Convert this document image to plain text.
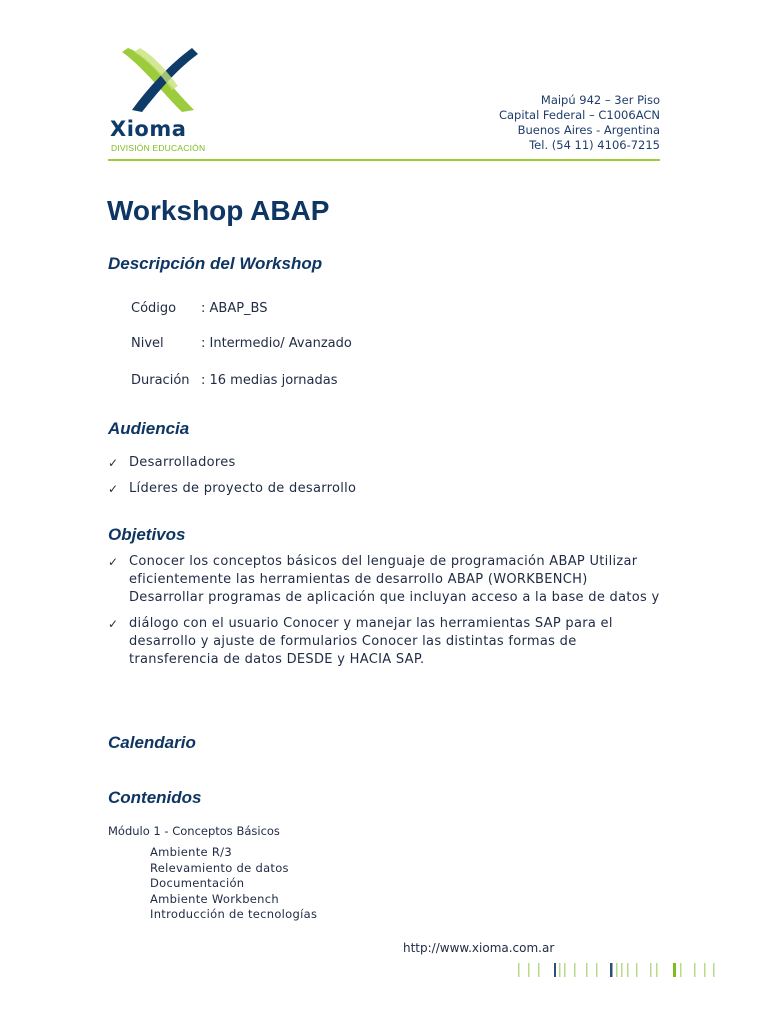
Xioma
DIVISIÓN EDUCACIÓN
Maipú 942 – 3er Piso
Capital Federal – C1006ACN
Buenos Aires - Argentina
Tel. (54 11) 4106-7215
Workshop ABAP
Descripción del Workshop
Código : ABAP_BS
Nivel	: Intermedio/ Avanzado
Duración : 16 medias jornadas
Audiencia
✓ Desarrolladores
✓ Líderes de proyecto de desarrollo
Objetivos
✓ Conocer los conceptos básicos del lenguaje de programación ABAP Utilizar
eficientemente las herramientas de desarrollo ABAP (WORKBENCH)
Desarrollar programas de aplicación que incluyan acceso a la base de datos y
✓ diálogo con el usuario Conocer y manejar las herramientas SAP para el
desarrollo y ajuste de formularios Conocer las distintas formas de
transferencia de datos DESDE y HACIA SAP.
Calendario
Contenidos
Módulo 1 - Conceptos Básicos
Ambiente R/3
Relevamiento de datos
Documentación
Ambiente Workbench
Introducción de tecnologías
http://www.xioma.com.ar
